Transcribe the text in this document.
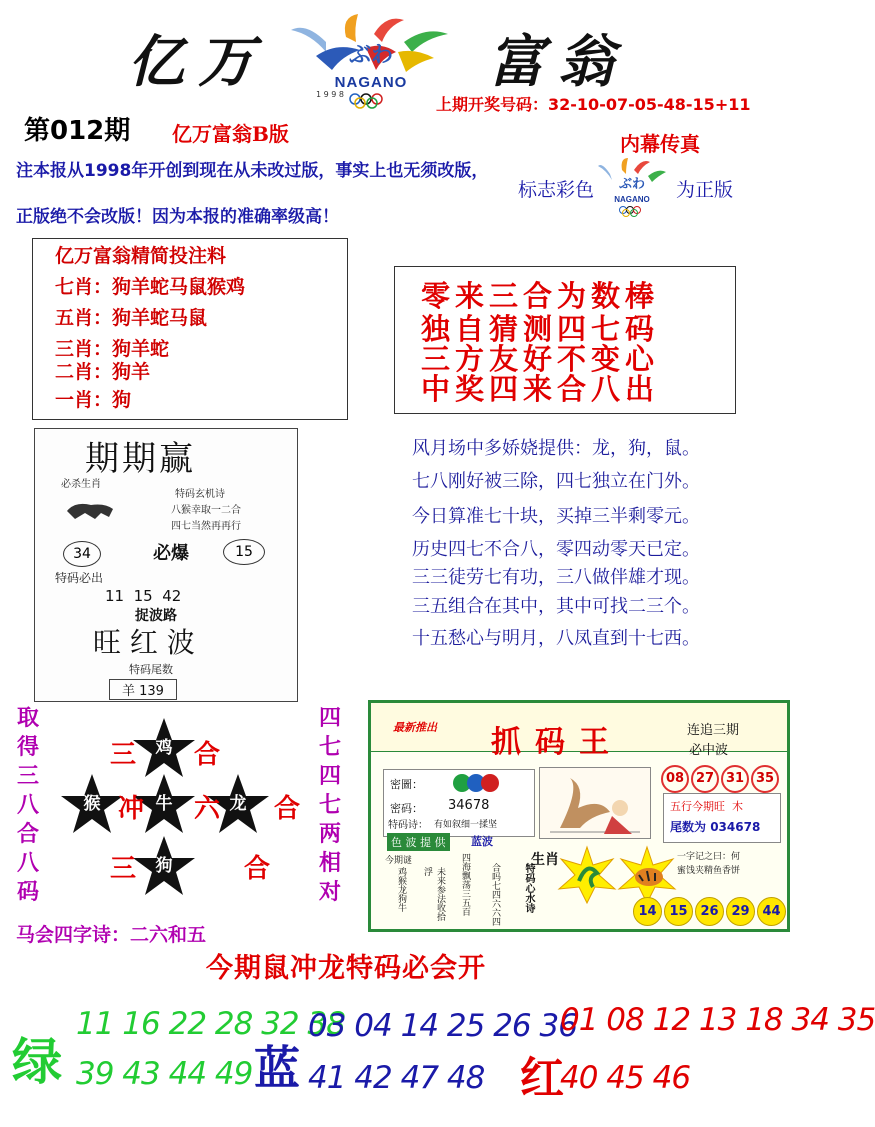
亿万	富翁
ぶわ
NAGANO
1 9 9 8
上期开奖号码：32-10-07-05-48-15+11
第012期 亿万富翁B版	内幕传真
注本报从1998年开创到现在从未改过版，事实上也无须改版，
正版绝不会改版！因为本报的准确率级高！
标志彩色 ぶわ
NAGANO 为正版
亿万富翁精简投注料
七肖：狗羊蛇马鼠猴鸡
五肖：狗羊蛇马鼠
三肖：狗羊蛇
二肖：狗羊
一肖：狗
零来三合为数棒
独自猜测四七码
三方友好不变心
中奖四来合八出
期期赢
必杀生肖
特码玄机诗
八猴幸取一二合
四七当然再再行
34	必爆	15
特码必出
11  15  42
捉波路
旺 红 波
特码尾数
羊 139
风月场中多娇娆提供：龙，狗，鼠。
七八刚好被三除，四七独立在门外。
今日算准七十块，买掉三半剩零元。
历史四七不合八，零四动零天已定。
三三徒劳七有功，三八做伴雄才现。
三五组合在其中，其中可找二三个。
十五愁心与明月，八凤直到十七西。
取
得
三
八
合
八
码
四
七
四
七
两
相
对
鸡
猴	牛	龙
狗
三 合
冲 六 合
三	合
马会四字诗：二六和五
最新推出 抓码王	连追三期
必中波
密圖：
密码： 34678
特码诗： 有如叙细一揉坚
08 27 31 35
五行今期旺 木
尾数为 034678
色 波 提 供	蓝波
今期谜
鸡猴龙狗牛	未来参法收拾浮	四海飘荡三五百 合吗七四六六四 特码心水诗
生肖	一字记之曰：何
蜜饯夹精鱼香饼
14 15 26 29 44
今期鼠冲龙特码必会开
绿
11 16 22 28 32 38
39 43 44 49 蓝
03 04 14 25 26 36
41 42 47 48 红
01 08 12 13 18 34 35
40 45 46
